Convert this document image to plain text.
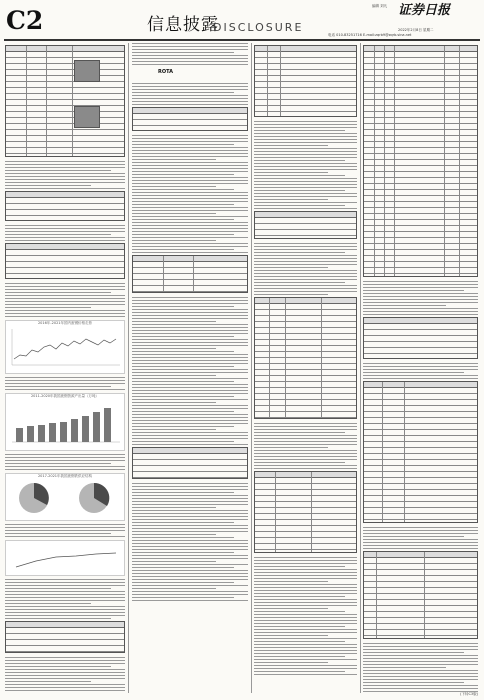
C2	信息披露
DISCLOSURE
编辑 刘凡 证券日报
2022年2月8日 星期二
电话 010-83251716 E-mail:zqrb9@zqrb.sina.net
2016年-2021年国内废钢价格走势
2011-2020年我国废钢资源产出量（万吨）
2017-2021年我国废钢铁供应结构
ROTA
(下转C3版)
